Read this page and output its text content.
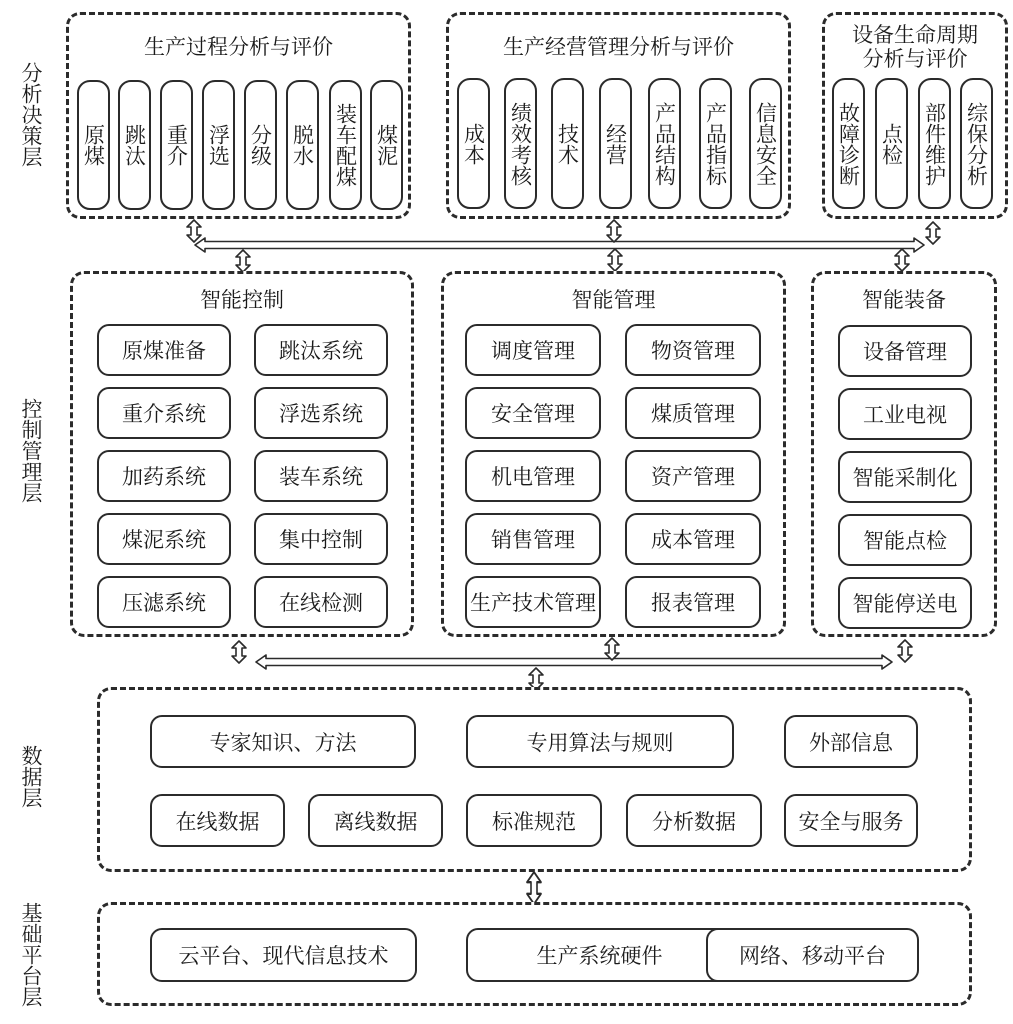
分析决策层
控制管理层
数据层
基础平台层
生产过程分析与评价
原煤 跳汰 重介 浮选 分级 脱水 装车配煤 煤泥
生产经营管理分析与评价
成本 绩效考核 技术 经营 产品结构 产品指标 信息安全
设备生命周期
分析与评价
故障诊断 点检 部件维护 综保分析
智能控制
原煤准备	跳汰系统
重介系统	浮选系统
加药系统	装车系统
煤泥系统	集中控制
压滤系统	在线检测
智能管理
调度管理	物资管理
安全管理	煤质管理
机电管理	资产管理
销售管理	成本管理
生产技术管理	报表管理
智能装备
设备管理
工业电视
智能采制化
智能点检
智能停送电
专家知识、方法	专用算法与规则	外部信息
在线数据	离线数据	标准规范	分析数据	安全与服务
云平台、现代信息技术	生产系统硬件	网络、移动平台
